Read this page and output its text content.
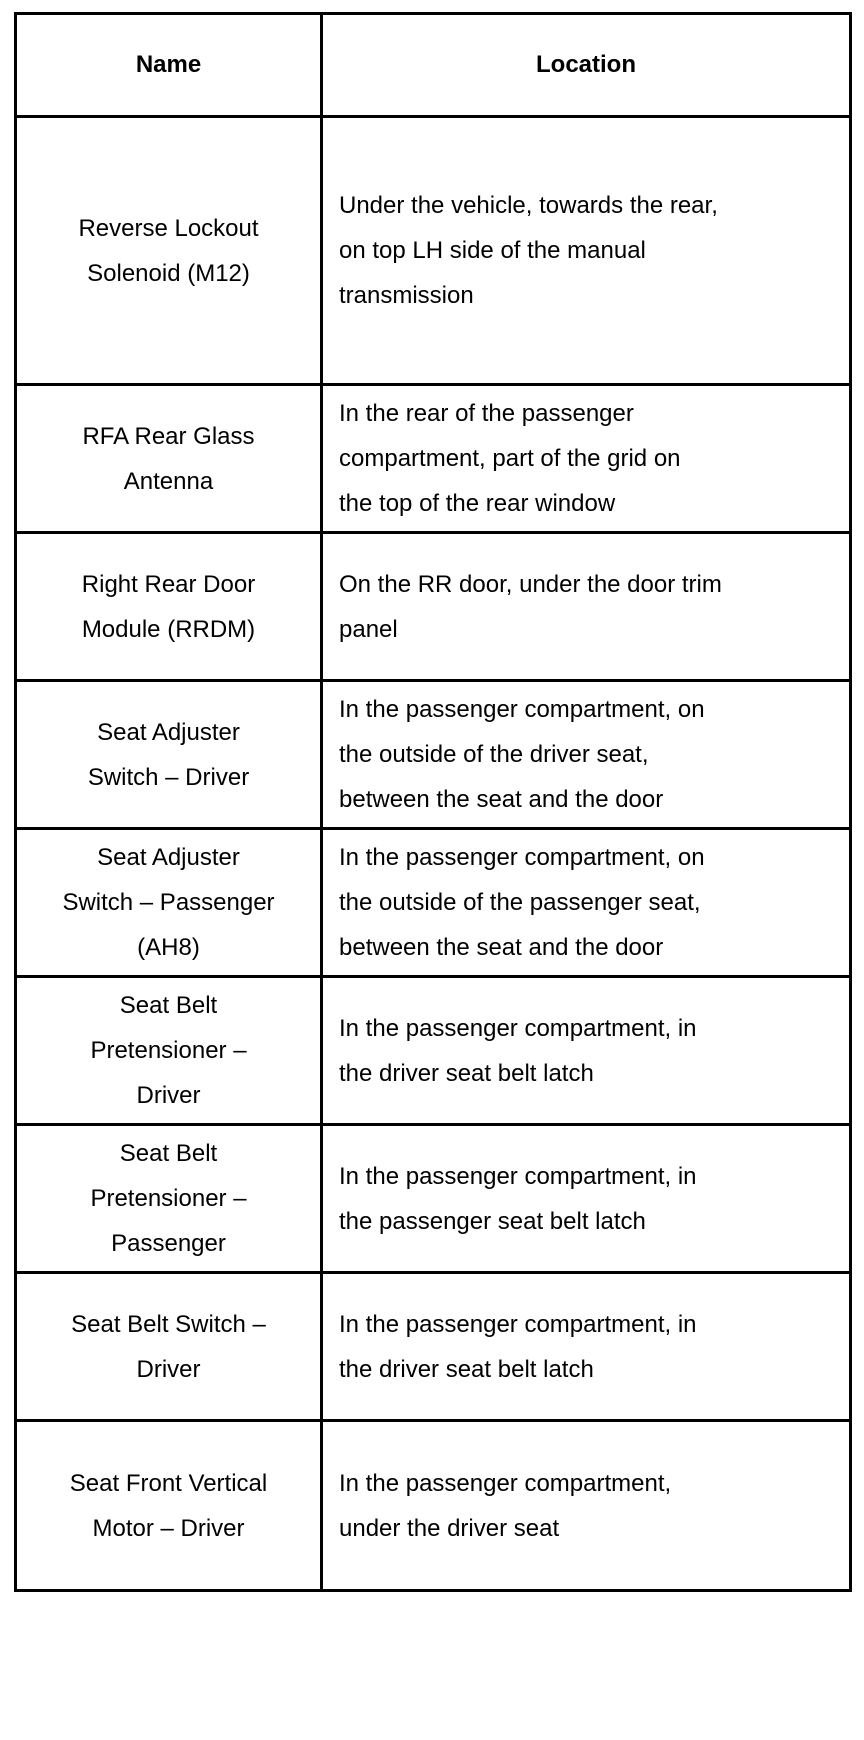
Name	Location

Reverse Lockout
Solenoid (M12)	Under the vehicle, towards the rear,
on top LH side of the manual
transmission

RFA Rear Glass
Antenna	In the rear of the passenger
compartment, part of the grid on
the top of the rear window

Right Rear Door
Module (RRDM)	On the RR door, under the door trim
panel

Seat Adjuster
Switch – Driver	In the passenger compartment, on
the outside of the driver seat,
between the seat and the door

Seat Adjuster
Switch – Passenger
(AH8)	In the passenger compartment, on
the outside of the passenger seat,
between the seat and the door

Seat Belt
Pretensioner –
Driver	In the passenger compartment, in
the driver seat belt latch

Seat Belt
Pretensioner –
Passenger	In the passenger compartment, in
the passenger seat belt latch

Seat Belt Switch –
Driver	In the passenger compartment, in
the driver seat belt latch

Seat Front Vertical
Motor – Driver	In the passenger compartment,
under the driver seat
